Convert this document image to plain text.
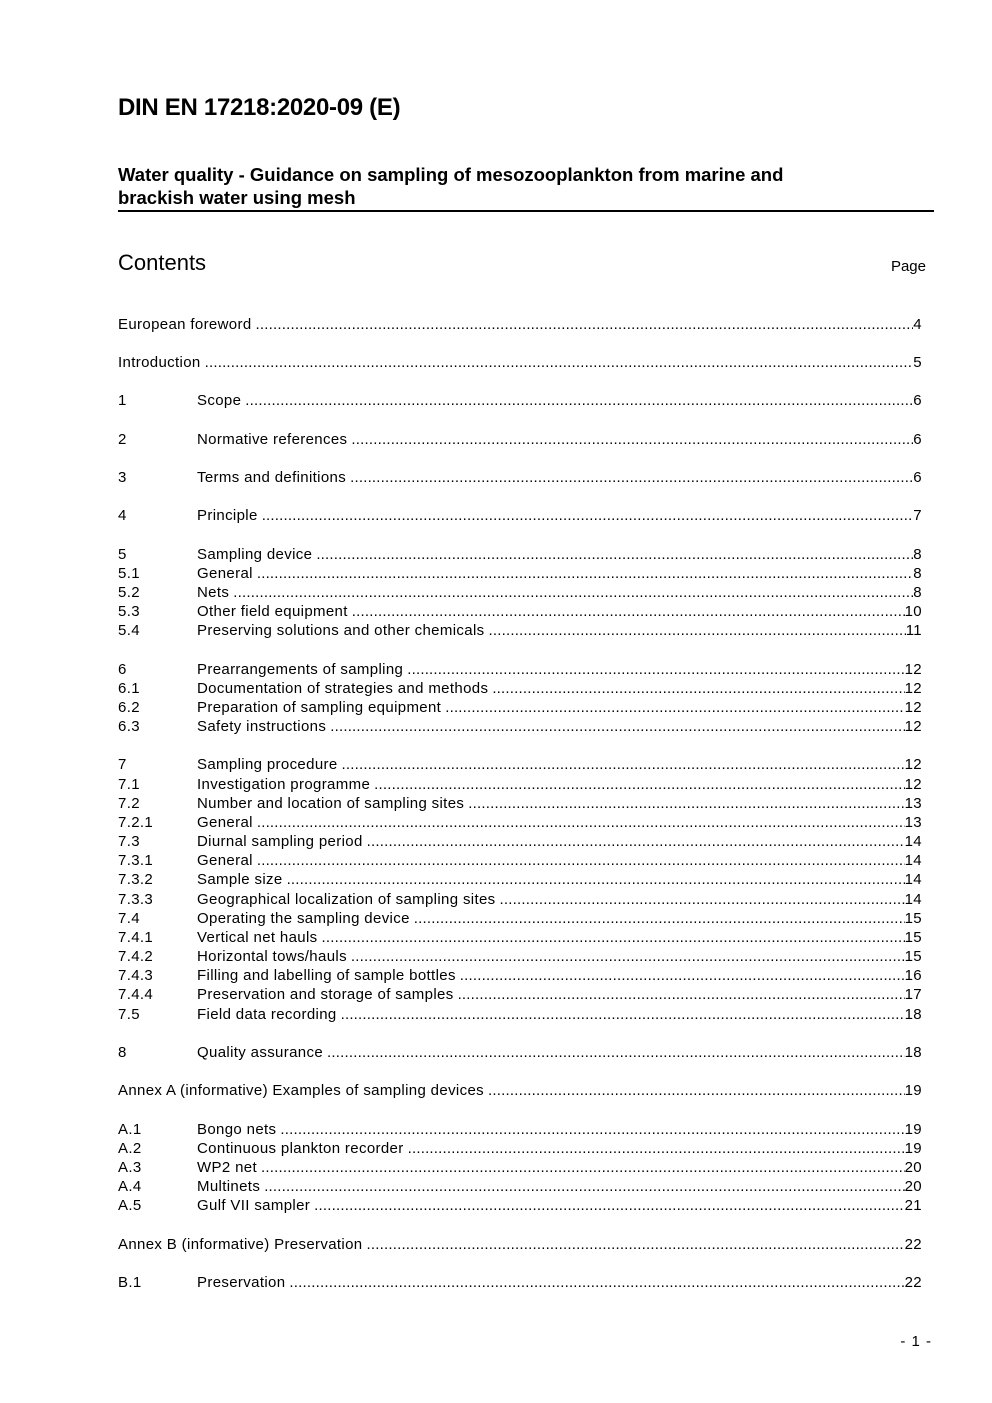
DIN EN 17218:2020-09 (E)
Water quality - Guidance on sampling of mesozooplankton from marine and
brackish water using mesh
Contents	Page
European foreword .....	4
Introduction .....	5
1	Scope .....	6
2	Normative references .....	6
3	Terms and definitions .....	6
4	Principle .....	7
5	Sampling device .....	8
5.1	General .....	8
5.2	Nets .....	8
5.3	Other field equipment .....	10
5.4	Preserving solutions and other chemicals .....	11
6	Prearrangements of sampling .....	12
6.1	Documentation of strategies and methods .....	12
6.2	Preparation of sampling equipment .....	12
6.3	Safety instructions .....	12
7	Sampling procedure .....	12
7.1	Investigation programme .....	12
7.2	Number and location of sampling sites .....	13
7.2.1	General .....	13
7.3	Diurnal sampling period .....	14
7.3.1	General .....	14
7.3.2	Sample size .....	14
7.3.3	Geographical localization of sampling sites .....	14
7.4	Operating the sampling device .....	15
7.4.1	Vertical net hauls .....	15
7.4.2	Horizontal tows/hauls .....	15
7.4.3	Filling and labelling of sample bottles .....	16
7.4.4	Preservation and storage of samples .....	17
7.5	Field data recording .....	18
8	Quality assurance .....	18
Annex A (informative) Examples of sampling devices .....	19
A.1	Bongo nets .....	19
A.2	Continuous plankton recorder .....	19
A.3	WP2 net .....	20
A.4	Multinets .....	20
A.5	Gulf VII sampler .....	21
Annex B (informative) Preservation .....	22
B.1	Preservation .....	22
- 1 -
